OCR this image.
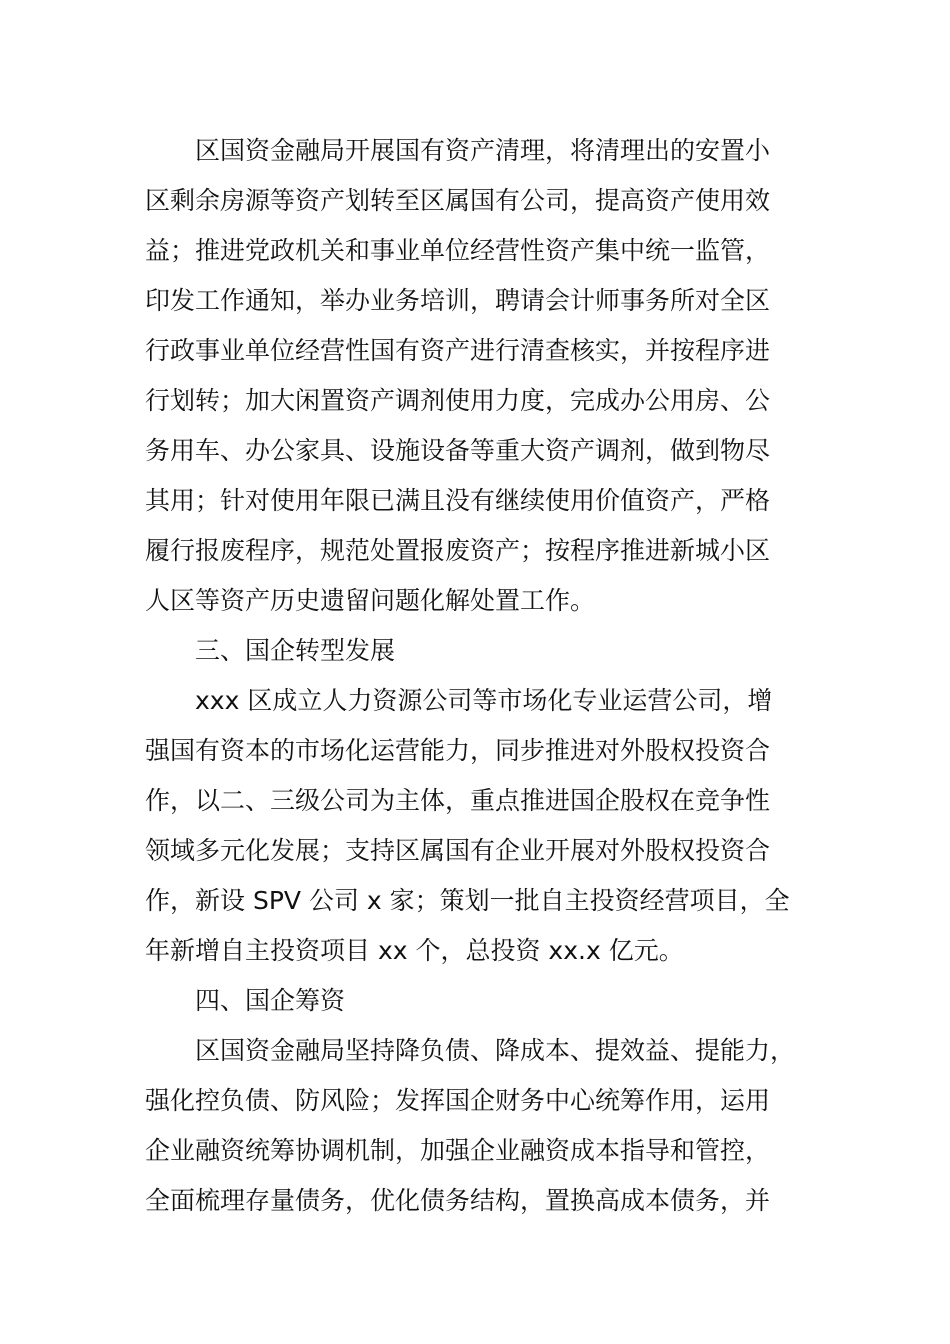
区国资金融局开展国有资产清理，将清理出的安置小

区剩余房源等资产划转至区属国有公司，提高资产使用效

益；推进党政机关和事业单位经营性资产集中统一监管，

印发工作通知，举办业务培训，聘请会计师事务所对全区

行政事业单位经营性国有资产进行清查核实，并按程序进

行划转；加大闲置资产调剂使用力度，完成办公用房、公

务用车、办公家具、设施设备等重大资产调剂，做到物尽

其用；针对使用年限已满且没有继续使用价值资产，严格

履行报废程序，规范处置报废资产；按程序推进新城小区

人区等资产历史遗留问题化解处置工作。

三、国企转型发展

xxx 区成立人力资源公司等市场化专业运营公司，增

强国有资本的市场化运营能力，同步推进对外股权投资合

作，以二、三级公司为主体，重点推进国企股权在竞争性

领域多元化发展；支持区属国有企业开展对外股权投资合

作，新设 SPV 公司 x 家；策划一批自主投资经营项目，全

年新增自主投资项目 xx 个，总投资 xx.x 亿元。

四、国企筹资

区国资金融局坚持降负债、降成本、提效益、提能力，

强化控负债、防风险；发挥国企财务中心统筹作用，运用

企业融资统筹协调机制，加强企业融资成本指导和管控，

全面梳理存量债务，优化债务结构，置换高成本债务，并
